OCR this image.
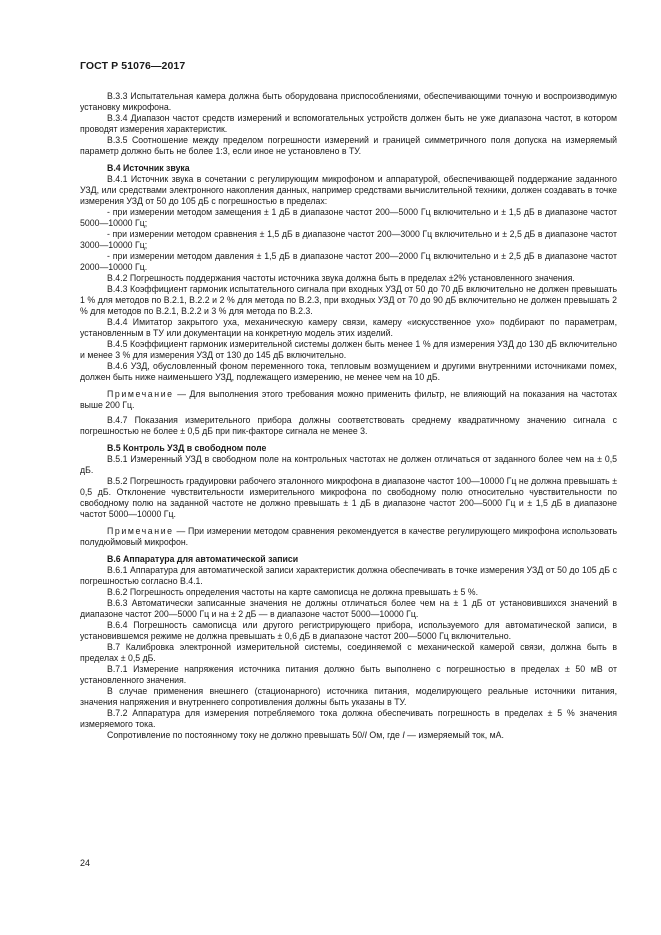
ГОСТ Р 51076—2017

В.3.3 Испытательная камера должна быть оборудована приспособлениями, обеспечивающими точную и воспроизводимую установку микрофона.

В.3.4 Диапазон частот средств измерений и вспомогательных устройств должен быть не уже диапазона частот, в котором проводят измерения характеристик.

В.3.5 Соотношение между пределом погрешности измерений и границей симметричного поля допуска на измеряемый параметр должно быть не более 1:3, если иное не установлено в ТУ.

В.4 Источник звука

В.4.1 Источник звука в сочетании с регулирующим микрофоном и аппаратурой, обеспечивающей поддержание заданного УЗД, или средствами электронного накопления данных, например средствами вычислительной техники, должен создавать в точке измерения УЗД от 50 до 105 дБ с погрешностью в пределах:

- при измерении методом замещения ± 1 дБ в диапазоне частот 200—5000 Гц включительно и ± 1,5 дБ в диапазоне частот 5000—10000 Гц;

- при измерении методом сравнения ± 1,5 дБ в диапазоне частот 200—3000 Гц включительно и ± 2,5 дБ в диапазоне частот 3000—10000 Гц;

- при измерении методом давления ± 1,5 дБ в диапазоне частот 200—2000 Гц включительно и ± 2,5 дБ в диапазоне частот 2000—10000 Гц.

В.4.2 Погрешность поддержания частоты источника звука должна быть в пределах ±2% установленного значения.

В.4.3 Коэффициент гармоник испытательного сигнала при входных УЗД от 50 до 70 дБ включительно не должен превышать 1 % для методов по В.2.1, В.2.2 и 2 % для метода по В.2.3, при входных УЗД от 70 до 90 дБ включительно не должен превышать 2 % для методов по В.2.1, В.2.2 и 3 % для метода по В.2.3.

В.4.4 Имитатор закрытого уха, механическую камеру связи, камеру «искусственное ухо» подбирают по параметрам, установленным в ТУ или документации на конкретную модель этих изделий.

В.4.5 Коэффициент гармоник измерительной системы должен быть менее 1 % для измерения УЗД до 130 дБ включительно и менее 3 % для измерения УЗД от 130 до 145 дБ включительно.

В.4.6 УЗД, обусловленный фоном переменного тока, тепловым возмущением и другими внутренними источниками помех, должен быть ниже наименьшего УЗД, подлежащего измерению, не менее чем на 10 дБ.

Примечание — Для выполнения этого требования можно применить фильтр, не влияющий на показания на частотах выше 200 Гц.

В.4.7 Показания измерительного прибора должны соответствовать среднему квадратичному значению сигнала с погрешностью не более ± 0,5 дБ при пик-факторе сигнала не менее 3.

В.5 Контроль УЗД в свободном поле

В.5.1 Измеренный УЗД в свободном поле на контрольных частотах не должен отличаться от заданного более чем на ± 0,5 дБ.

В.5.2 Погрешность градуировки рабочего эталонного микрофона в диапазоне частот 100—10000 Гц не должна превышать ± 0,5 дБ. Отклонение чувствительности измерительного микрофона по свободному полю относительно чувствительности по свободному полю на заданной частоте не должно превышать ± 1 дБ в диапазоне частот 200—5000 Гц и ± 1,5 дБ в диапазоне частот 5000—10000 Гц.

Примечание — При измерении методом сравнения рекомендуется в качестве регулирующего микрофона использовать полудюймовый микрофон.

В.6 Аппаратура для автоматической записи

В.6.1 Аппаратура для автоматической записи характеристик должна обеспечивать в точке измерения УЗД от 50 до 105 дБ с погрешностью согласно В.4.1.

В.6.2 Погрешность определения частоты на карте самописца не должна превышать ± 5 %.

В.6.3 Автоматически записанные значения не должны отличаться более чем на ± 1 дБ от установившихся значений в диапазоне частот 200—5000 Гц и на ± 2 дБ — в диапазоне частот 5000—10000 Гц.

В.6.4 Погрешность самописца или другого регистрирующего прибора, используемого для автоматической записи, в установившемся режиме не должна превышать ± 0,6 дБ в диапазоне частот 200—5000 Гц включительно.

В.7 Калибровка электронной измерительной системы, соединяемой с механической камерой связи, должна быть в пределах ± 0,5 дБ.

В.7.1 Измерение напряжения источника питания должно быть выполнено с погрешностью в пределах ± 50 мВ от установленного значения.

В случае применения внешнего (стационарного) источника питания, моделирующего реальные источники питания, значения напряжения и внутреннего сопротивления должны быть указаны в ТУ.

В.7.2 Аппаратура для измерения потребляемого тока должна обеспечивать погрешность в пределах ± 5 % значения измеряемого тока.

Сопротивление по постоянному току не должно превышать 50/I Ом, где I — измеряемый ток, мА.

24
